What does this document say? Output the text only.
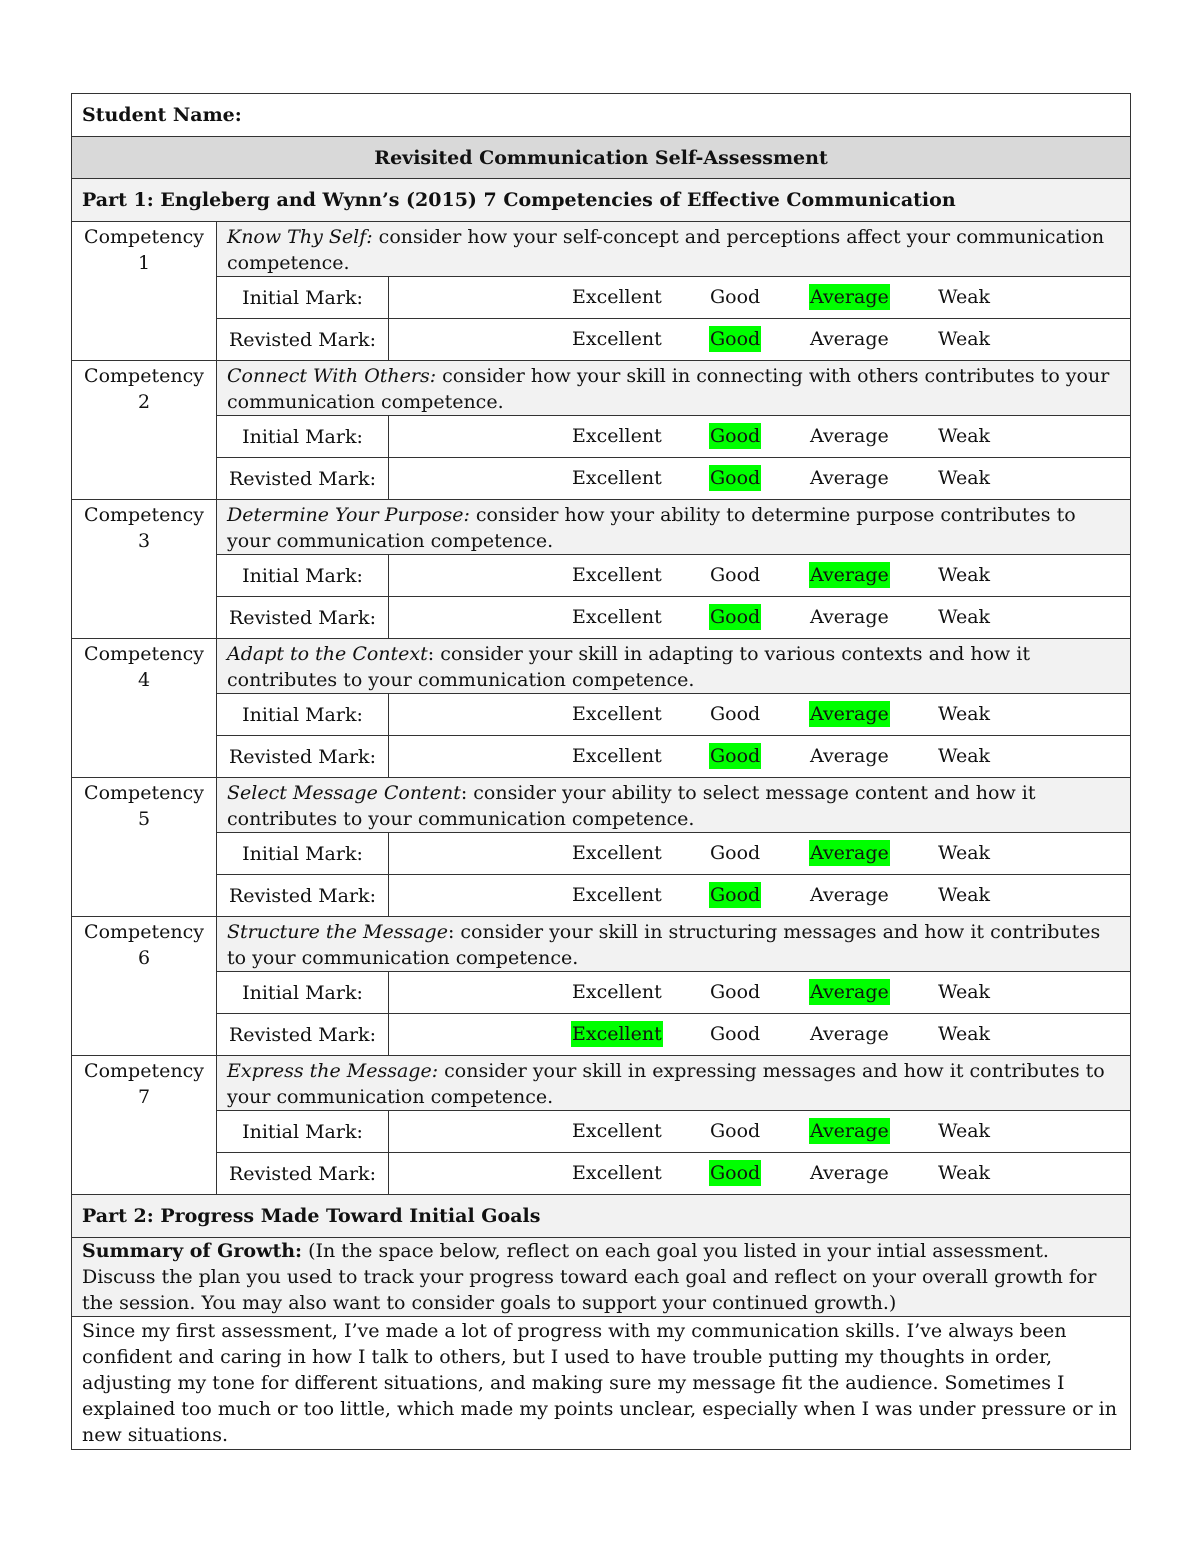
Student Name:		
Revisited Communication Self-Assessment		
Part 1: Engleberg and Wynn’s (2015) 7 Competencies of Effective Communication		

Competency
1	Know Thy Self: consider how your self-concept and perceptions affect your communication competence.	
	Initial Mark:	Excellent Good Average Weak

	Revisted Mark:	Excellent Good Average Weak

Competency
2	Connect With Others: consider how your skill in connecting with others contributes to your communication competence.	
	Initial Mark:	Excellent Good Average Weak

	Revisted Mark:	Excellent Good Average Weak

Competency
3	Determine Your Purpose: consider how your ability to determine purpose contributes to your communication competence.	
	Initial Mark:	Excellent Good Average Weak

	Revisted Mark:	Excellent Good Average Weak

Competency
4	Adapt to the Context: consider your skill in adapting to various contexts and how it contributes to your communication competence.	
	Initial Mark:	Excellent Good Average Weak

	Revisted Mark:	Excellent Good Average Weak

Competency
5	Select Message Content: consider your ability to select message content and how it contributes to your communication competence.	
	Initial Mark:	Excellent Good Average Weak

	Revisted Mark:	Excellent Good Average Weak

Competency
6	Structure the Message: consider your skill in structuring messages and how it contributes to your communication competence.	
	Initial Mark:	Excellent Good Average Weak

	Revisted Mark:	Excellent Good Average Weak

Competency
7	Express the Message: consider your skill in expressing messages and how it contributes to your communication competence.	
	Initial Mark:	Excellent Good Average Weak

	Revisted Mark:	Excellent Good Average Weak

Part 2: Progress Made Toward Initial Goals		
Summary of Growth: (In the space below, reflect on each goal you listed in your intial assessment. Discuss the plan you used to track your progress toward each goal and reflect on your overall growth for the session. You may also want to consider goals to support your continued growth.)		
Since my first assessment, I’ve made a lot of progress with my communication skills. I’ve always been confident and caring in how I talk to others, but I used to have trouble putting my thoughts in order, adjusting my tone for different situations, and making sure my message fit the audience. Sometimes I explained too much or too little, which made my points unclear, especially when I was under pressure or in new situations.		
